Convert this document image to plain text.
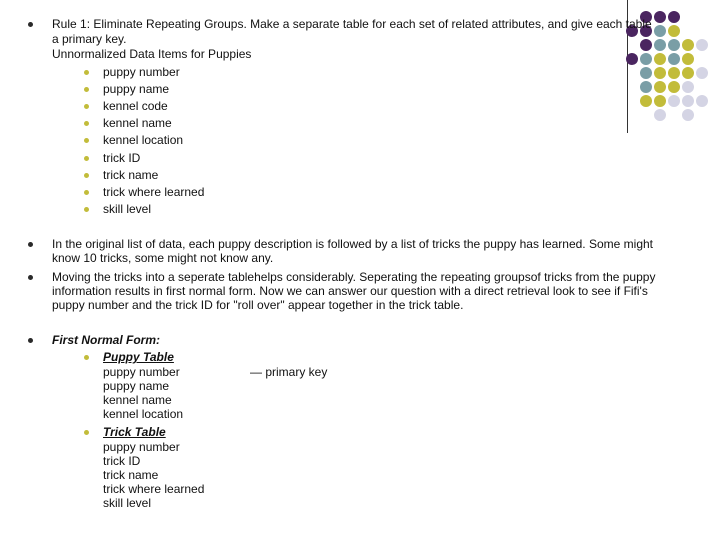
Rule 1: Eliminate Repeating Groups. Make a separate table for each set of related attributes, and give each table
a primary key.
Unnormalized Data Items for Puppies
puppy number
puppy name
kennel code
kennel name
kennel location
trick ID
trick name
trick where learned
skill level
In the original list of data, each puppy description is followed by a list of tricks the puppy has learned. Some might
know 10 tricks, some might not know any.
Moving the tricks into a seperate tablehelps considerably. Seperating the repeating groupsof tricks from the puppy
information results in first normal form. Now we can answer our question with a direct retrieval look to see if Fifi's
puppy number and the trick ID for "roll over" appear together in the trick table.
First Normal Form:
Puppy Table
puppy number	— primary key
puppy name
kennel name
kennel location
Trick Table
puppy number
trick ID
trick name
trick where learned
skill level
